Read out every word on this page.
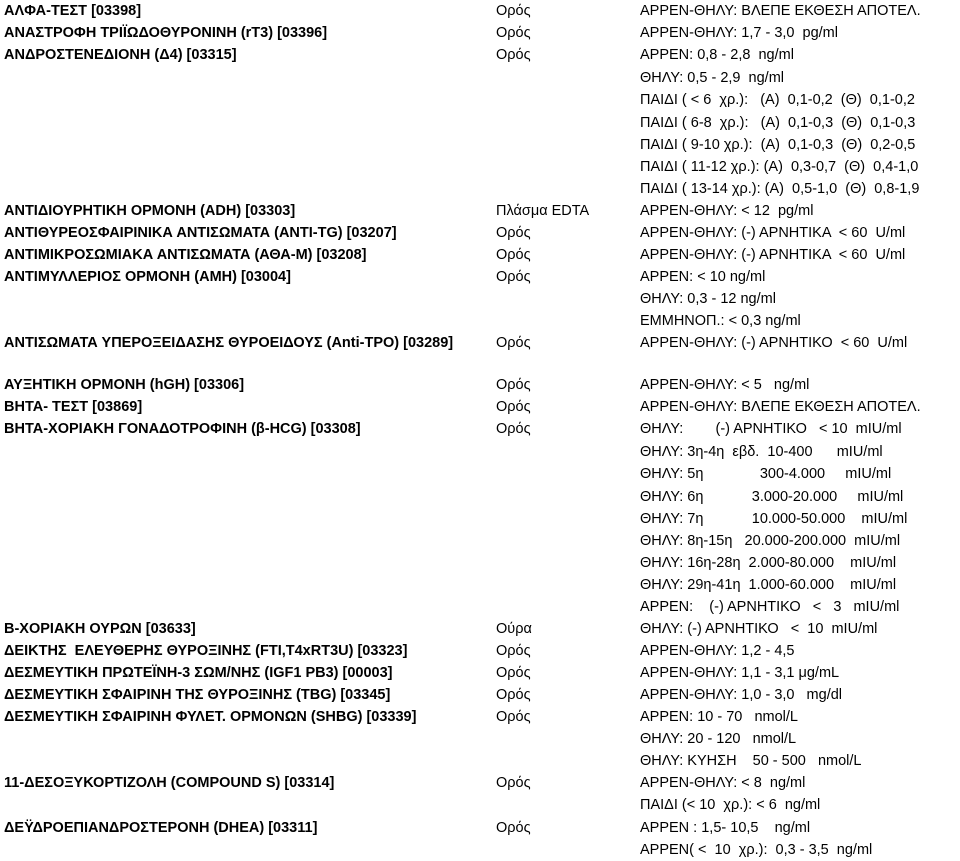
ΑΛΦΑ-ΤΕΣΤ [03398]	Ορός	ΑΡΡΕΝ-ΘΗΛΥ: ΒΛΕΠΕ ΕΚΘΕΣΗ ΑΠΟΤΕΛ.
ΑΝΑΣΤΡΟΦΗ ΤΡΙΪΩΔΟΘΥΡΟΝΙΝΗ (rT3) [03396]	Ορός	ΑΡΡΕΝ-ΘΗΛΥ: 1,7 - 3,0  pg/ml
ΑΝΔΡΟΣΤΕΝΕΔΙΟΝΗ (Δ4) [03315]	Ορός	ΑΡΡΕΝ: 0,8 - 2,8  ng/ml
ΘΗΛΥ: 0,5 - 2,9  ng/ml
ΠΑΙΔΙ ( < 6  χρ.):   (Α)  0,1-0,2  (Θ)  0,1-0,2
ΠΑΙΔΙ ( 6-8  χρ.):   (Α)  0,1-0,3  (Θ)  0,1-0,3
ΠΑΙΔΙ ( 9-10 χρ.):  (Α)  0,1-0,3  (Θ)  0,2-0,5
ΠΑΙΔΙ ( 11-12 χρ.): (Α)  0,3-0,7  (Θ)  0,4-1,0
ΠΑΙΔΙ ( 13-14 χρ.): (Α)  0,5-1,0  (Θ)  0,8-1,9
ΑΝΤΙΔΙΟΥΡΗΤΙΚΗ ΟΡΜΟΝΗ (ADH) [03303]	Πλάσμα EDTA	ΑΡΡΕΝ-ΘΗΛΥ: < 12  pg/ml
ΑΝΤΙΘΥΡΕΟΣΦΑΙΡΙΝΙΚΑ ΑΝΤΙΣΩΜΑΤΑ (ANTI-TG) [03207]	Ορός	ΑΡΡΕΝ-ΘΗΛΥ: (-) ΑΡΝΗΤΙΚΑ  < 60  U/ml
ΑΝΤΙΜΙΚΡΟΣΩΜΙΑΚΑ ΑΝΤΙΣΩΜΑΤΑ (ΑΘΑ-Μ) [03208]	Ορός	ΑΡΡΕΝ-ΘΗΛΥ: (-) ΑΡΝΗΤΙΚΑ  < 60  U/ml
ΑΝΤΙΜΥΛΛΕΡΙΟΣ ΟΡΜΟΝΗ (AMH) [03004]	Ορός	ΑΡΡΕΝ: < 10 ng/ml
ΘΗΛΥ: 0,3 - 12 ng/ml
ΕΜΜΗΝΟΠ.: < 0,3 ng/ml
ΑΝΤΙΣΩΜΑΤΑ ΥΠΕΡΟΞΕΙΔΑΣΗΣ ΘΥΡΟΕΙΔΟΥΣ (Anti-TPO) [03289]	Ορός	ΑΡΡΕΝ-ΘΗΛΥ: (-) ΑΡΝΗΤΙΚΟ  < 60  U/ml
ΑΥΞΗΤΙΚΗ ΟΡΜΟΝΗ (hGH) [03306]	Ορός	ΑΡΡΕΝ-ΘΗΛΥ: < 5   ng/ml
ΒΗΤΑ- ΤΕΣΤ [03869]	Ορός	ΑΡΡΕΝ-ΘΗΛΥ: ΒΛΕΠΕ ΕΚΘΕΣΗ ΑΠΟΤΕΛ.
ΒΗΤΑ-ΧΟΡΙΑΚΗ ΓΟΝΑΔΟΤΡΟΦΙΝΗ (β-HCG) [03308]	Ορός	ΘΗΛΥ:        (-) ΑΡΝΗΤΙΚΟ   < 10  mIU/ml
ΘΗΛΥ: 3η-4η  εβδ.  10-400      mIU/ml
ΘΗΛΥ: 5η              300-4.000     mIU/ml
ΘΗΛΥ: 6η            3.000-20.000     mIU/ml
ΘΗΛΥ: 7η            10.000-50.000    mIU/ml
ΘΗΛΥ: 8η-15η   20.000-200.000  mIU/ml
ΘΗΛΥ: 16η-28η  2.000-80.000    mIU/ml
ΘΗΛΥ: 29η-41η  1.000-60.000    mIU/ml
ΑΡΡΕΝ:    (-) ΑΡΝΗΤΙΚΟ   <   3   mIU/ml
Β-ΧΟΡΙΑΚΗ ΟΥΡΩΝ [03633]	Ούρα	ΘΗΛΥ: (-) ΑΡΝΗΤΙΚΟ   <  10  mIU/ml
ΔΕΙΚΤΗΣ  ΕΛΕΥΘΕΡΗΣ ΘΥΡΟΞΙΝΗΣ (FTI,T4xRT3U) [03323]	Ορός	ΑΡΡΕΝ-ΘΗΛΥ: 1,2 - 4,5
ΔΕΣΜΕΥΤΙΚΗ ΠΡΩΤΕΪΝΗ-3 ΣΩΜ/ΝΗΣ (IGF1 PB3) [00003]	Ορός	ΑΡΡΕΝ-ΘΗΛΥ: 1,1 - 3,1 μg/mL
ΔΕΣΜΕΥΤΙΚΗ ΣΦΑΙΡΙΝΗ ΤΗΣ ΘΥΡΟΞΙΝΗΣ (TBG) [03345]	Ορός	ΑΡΡΕΝ-ΘΗΛΥ: 1,0 - 3,0   mg/dl
ΔΕΣΜΕΥΤΙΚΗ ΣΦΑΙΡΙΝΗ ΦΥΛΕΤ. ΟΡΜΟΝΩΝ (SHBG) [03339]	Ορός	ΑΡΡΕΝ: 10 - 70   nmol/L
ΘΗΛΥ: 20 - 120   nmol/L
ΘΗΛΥ: ΚΥΗΣΗ    50 - 500   nmol/L
11-ΔΕΣΟΞΥΚΟΡΤΙΖΟΛΗ (COMPOUND S) [03314]	Ορός	ΑΡΡΕΝ-ΘΗΛΥ: < 8  ng/ml
ΠΑΙΔΙ (< 10  χρ.): < 6  ng/ml
ΔΕΫΔΡΟΕΠΙΑΝΔΡΟΣΤΕΡΟΝΗ (DHEA) [03311]	Ορός	ΑΡΡΕΝ : 1,5- 10,5    ng/ml
ΑΡΡΕΝ( <  10  χρ.):  0,3 - 3,5  ng/ml
